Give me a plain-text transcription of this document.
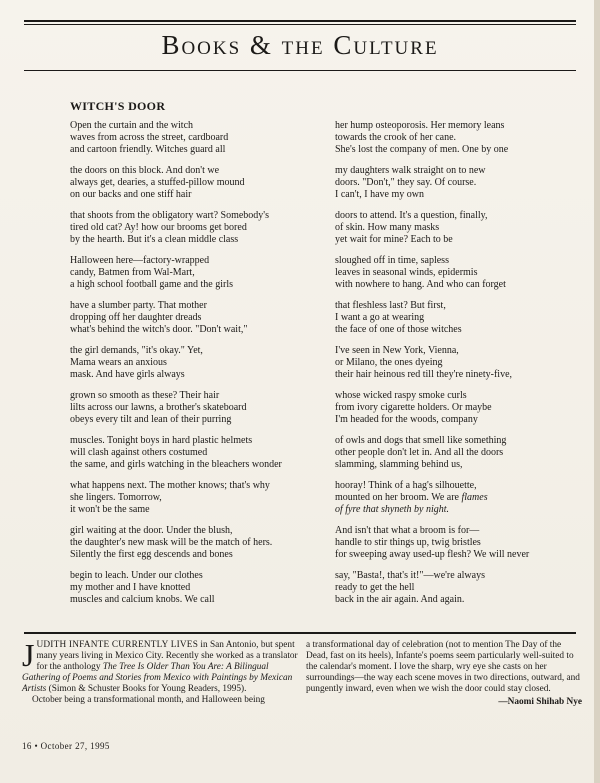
Books & the Culture
WITCH'S DOOR
Open the curtain and the witch
waves from across the street, cardboard
and cartoon friendly. Witches guard all
the doors on this block. And don't we
always get, dearies, a stuffed-pillow mound
on our backs and one stiff hair
that shoots from the obligatory wart? Somebody's
tired old cat? Ay! how our brooms get bored
by the hearth. But it's a clean middle class
Halloween here—factory-wrapped
candy, Batmen from Wal-Mart,
a high school football game and the girls
have a slumber party. That mother
dropping off her daughter dreads
what's behind the witch's door. "Don't wait,"
the girl demands, "it's okay." Yet,
Mama wears an anxious
mask. And have girls always
grown so smooth as these? Their hair
lilts across our lawns, a brother's skateboard
obeys every tilt and lean of their purring
muscles. Tonight boys in hard plastic helmets
will clash against others costumed
the same, and girls watching in the bleachers wonder
what happens next. The mother knows; that's why
she lingers. Tomorrow,
it won't be the same
girl waiting at the door. Under the blush,
the daughter's new mask will be the match of hers.
Silently the first egg descends and bones
begin to leach. Under our clothes
my mother and I have knotted
muscles and calcium knobs. We call
her hump osteoporosis. Her memory leans
towards the crook of her cane.
She's lost the company of men. One by one
my daughters walk straight on to new
doors. "Don't," they say. Of course.
I can't, I have my own
doors to attend. It's a question, finally,
of skin. How many masks
yet wait for mine? Each to be
sloughed off in time, sapless
leaves in seasonal winds, epidermis
with nowhere to hang. And who can forget
that fleshless last? But first,
I want a go at wearing
the face of one of those witches
I've seen in New York, Vienna,
or Milano, the ones dyeing
their hair heinous red till they're ninety-five,
whose wicked raspy smoke curls
from ivory cigarette holders. Or maybe
I'm headed for the woods, company
of owls and dogs that smell like something
other people don't let in. And all the doors
slamming, slamming behind us,
hooray! Think of a hag's silhouette,
mounted on her broom. We are flames
of fyre that shyneth by night.
And isn't that what a broom is for—
handle to stir things up, twig bristles
for sweeping away used-up flesh? We will never
say, "Basta!, that's it!"—we're always
ready to get the hell
back in the air again. And again.
JUDITH INFANTE CURRENTLY LIVES in San Antonio, but spent many years living in Mexico City. Recently she worked as a translator for the anthology The Tree Is Older Than You Are: A Bilingual Gathering of Poems and Stories from Mexico with Paintings by Mexican Artists (Simon & Schuster Books for Young Readers, 1995).
October being a transformational month, and Halloween being
a transformational day of celebration (not to mention The Day of the Dead, fast on its heels), Infante's poems seem particularly well-suited to the calendar's moment. I love the sharp, wry eye she casts on her surroundings—the way each scene moves in two directions, outward, and pungently inward, even when we wish the door could stay closed.
—Naomi Shihab Nye
16 • October 27, 1995
